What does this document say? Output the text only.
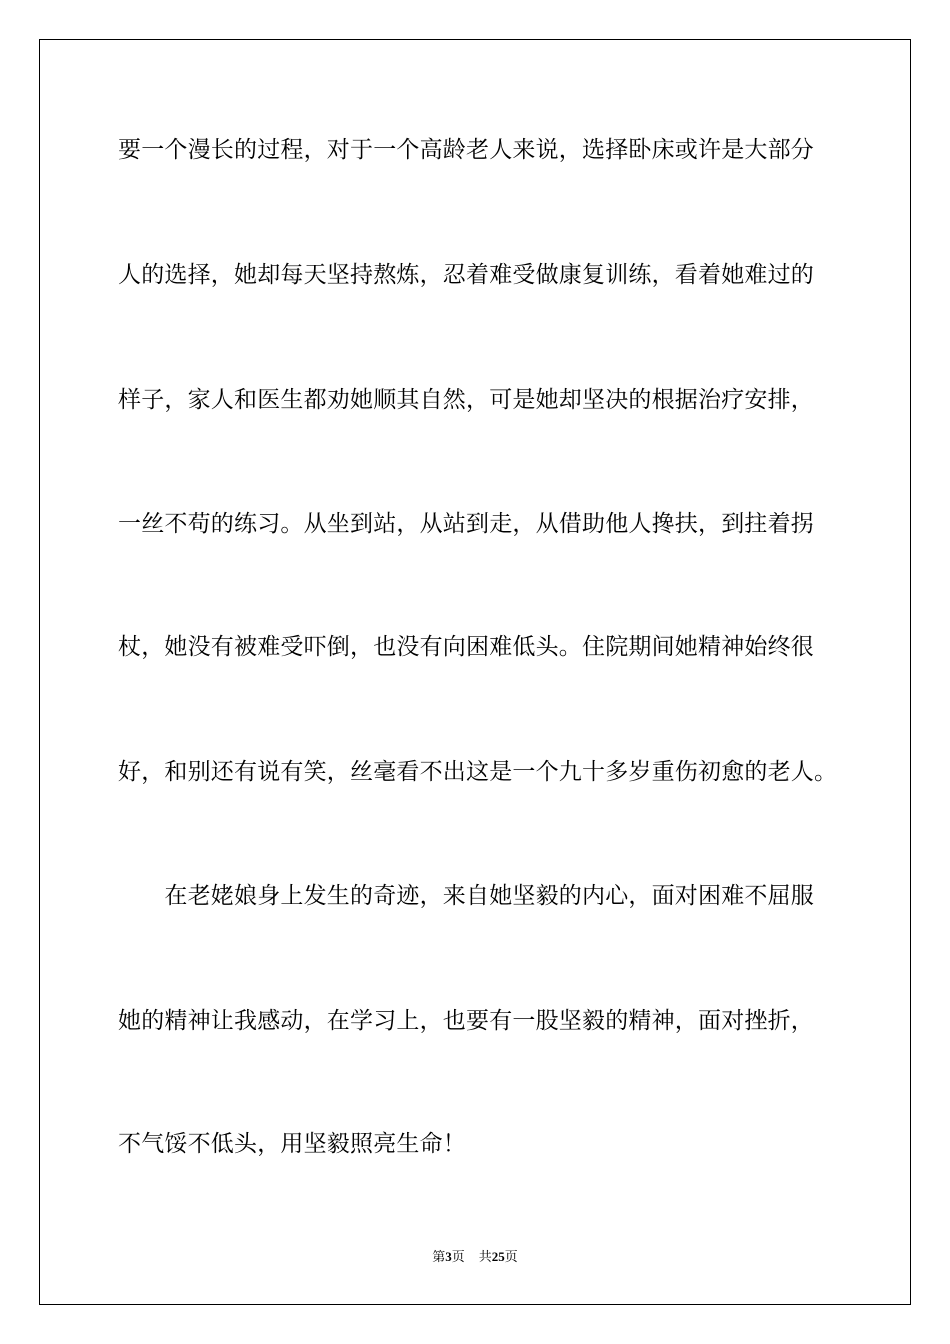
要一个漫长的过程，对于一个高龄老人来说，选择卧床或许是大部分
人的选择，她却每天坚持熬炼，忍着难受做康复训练，看着她难过的
样子，家人和医生都劝她顺其自然，可是她却坚决的根据治疗安排，
一丝不苟的练习。从坐到站，从站到走，从借助他人搀扶，到拄着拐
杖，她没有被难受吓倒，也没有向困难低头。住院期间她精神始终很
好，和别还有说有笑，丝毫看不出这是一个九十多岁重伤初愈的老人。
　　在老姥娘身上发生的奇迹，来自她坚毅的内心，面对困难不屈服
她的精神让我感动，在学习上，也要有一股坚毅的精神，面对挫折，
不气馁不低头，用坚毅照亮生命！
第3页 共25页
